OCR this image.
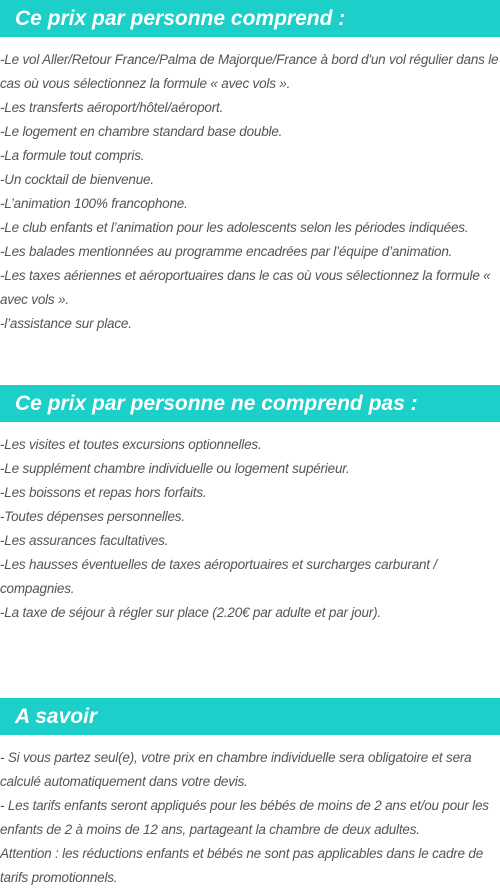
Ce prix par personne comprend :
-Le vol Aller/Retour France/Palma de Majorque/France à bord d'un vol régulier dans le cas où vous sélectionnez la formule « avec vols ».
-Les transferts aéroport/hôtel/aéroport.
-Le logement en chambre standard base double.
-La formule tout compris.
-Un cocktail de bienvenue.
-L’animation 100% francophone.
-Le club enfants et l’animation pour les adolescents selon les périodes indiquées.
-Les balades mentionnées au programme encadrées par l’équipe d’animation.
-Les taxes aériennes et aéroportuaires dans le cas où vous sélectionnez la formule « avec vols ».
-l’assistance sur place.
Ce prix par personne ne comprend pas :
-Les visites et toutes excursions optionnelles.
-Le supplément chambre individuelle ou logement supérieur.
-Les boissons et repas hors forfaits.
-Toutes dépenses personnelles.
-Les assurances facultatives.
-Les hausses éventuelles de taxes aéroportuaires et surcharges carburant / compagnies.
-La taxe de séjour à régler sur place (2.20€ par adulte et par jour).
A savoir
- Si vous partez seul(e), votre prix en chambre individuelle sera obligatoire et sera calculé automatiquement dans votre devis.
- Les tarifs enfants seront appliqués pour les bébés de moins de 2 ans et/ou pour les enfants de 2 à moins de 12 ans, partageant la chambre de deux adultes.
Attention : les réductions enfants et bébés ne sont pas applicables dans le cadre de tarifs promotionnels.
